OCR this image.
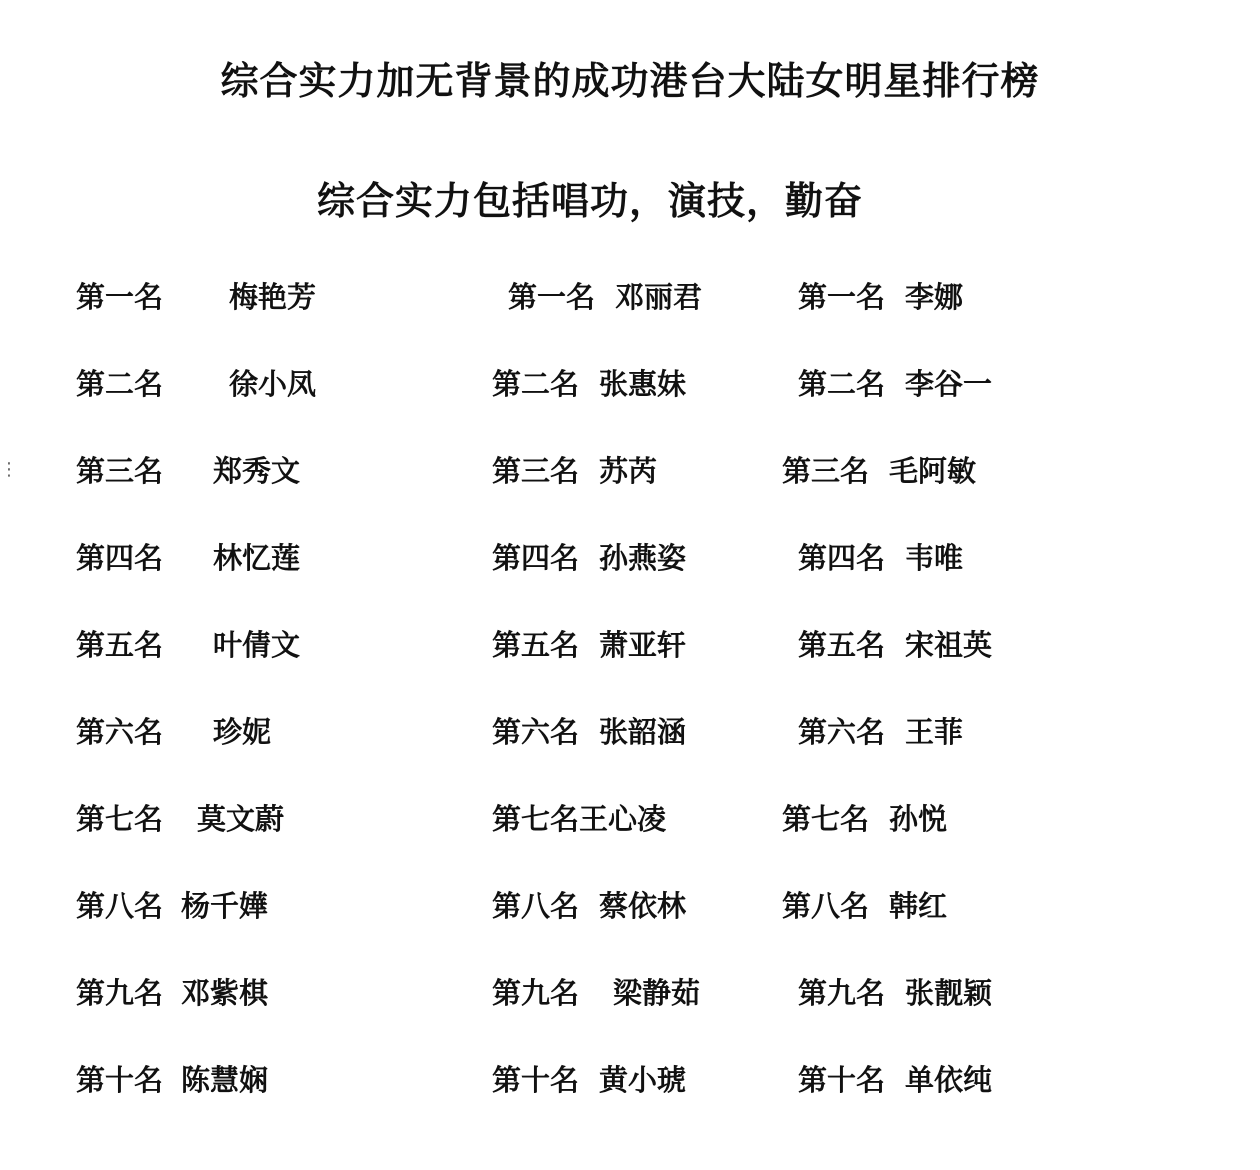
⋮
综合实力加无背景的成功港台大陆女明星排行榜
综合实力包括唱功，演技，勤奋
第一名 梅艳芳
第二名 徐小凤
第三名 郑秀文
第四名 林忆莲
第五名 叶倩文
第六名 珍妮
第七名 莫文蔚
第八名 杨千嬅
第九名 邓紫棋
第十名 陈慧娴
第一名 邓丽君
第二名 张惠妹
第三名 苏芮
第四名 孙燕姿
第五名 萧亚轩
第六名 张韶涵
第七名王心凌
第八名 蔡依林
第九名 梁静茹
第十名 黄小琥
第一名 李娜
第二名 李谷一
第三名 毛阿敏
第四名 韦唯
第五名 宋祖英
第六名 王菲
第七名 孙悦
第八名 韩红
第九名 张靓颖
第十名 单依纯
